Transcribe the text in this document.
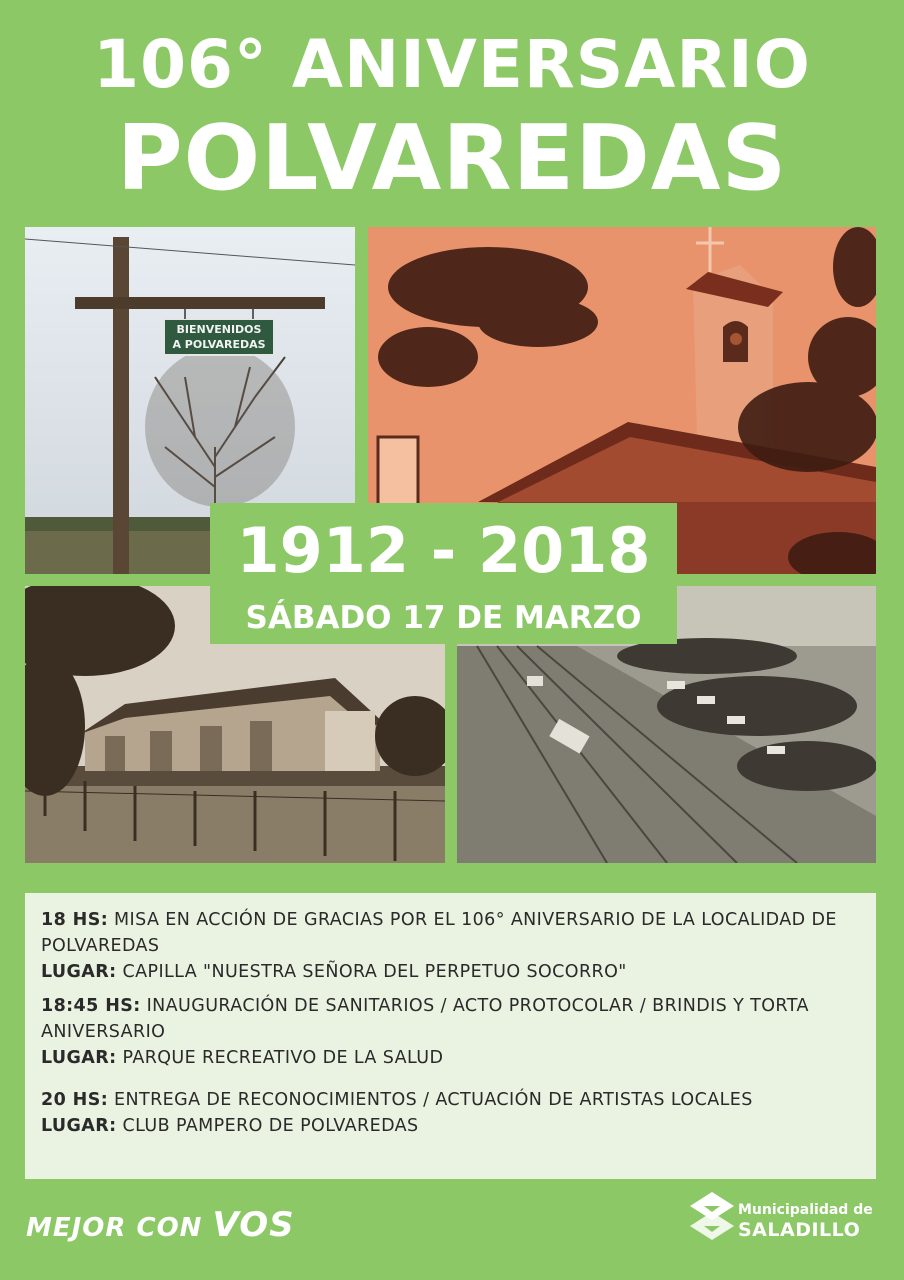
106° ANIVERSARIO
POLVAREDAS
BIENVENIDOS
A POLVAREDAS
1912 - 2018
SÁBADO 17 DE MARZO
18 HS: MISA EN ACCIÓN DE GRACIAS POR EL 106° ANIVERSARIO DE LA LOCALIDAD DE
POLVAREDAS
LUGAR: CAPILLA "NUESTRA SEÑORA DEL PERPETUO SOCORRO"
18:45 HS: INAUGURACIÓN DE SANITARIOS / ACTO PROTOCOLAR / BRINDIS Y TORTA
ANIVERSARIO
LUGAR: PARQUE RECREATIVO DE LA SALUD
20 HS: ENTREGA DE RECONOCIMIENTOS / ACTUACIÓN DE ARTISTAS LOCALES
LUGAR: CLUB PAMPERO DE POLVAREDAS
MEJOR CON VOS	Municipalidad de
SALADILLO
